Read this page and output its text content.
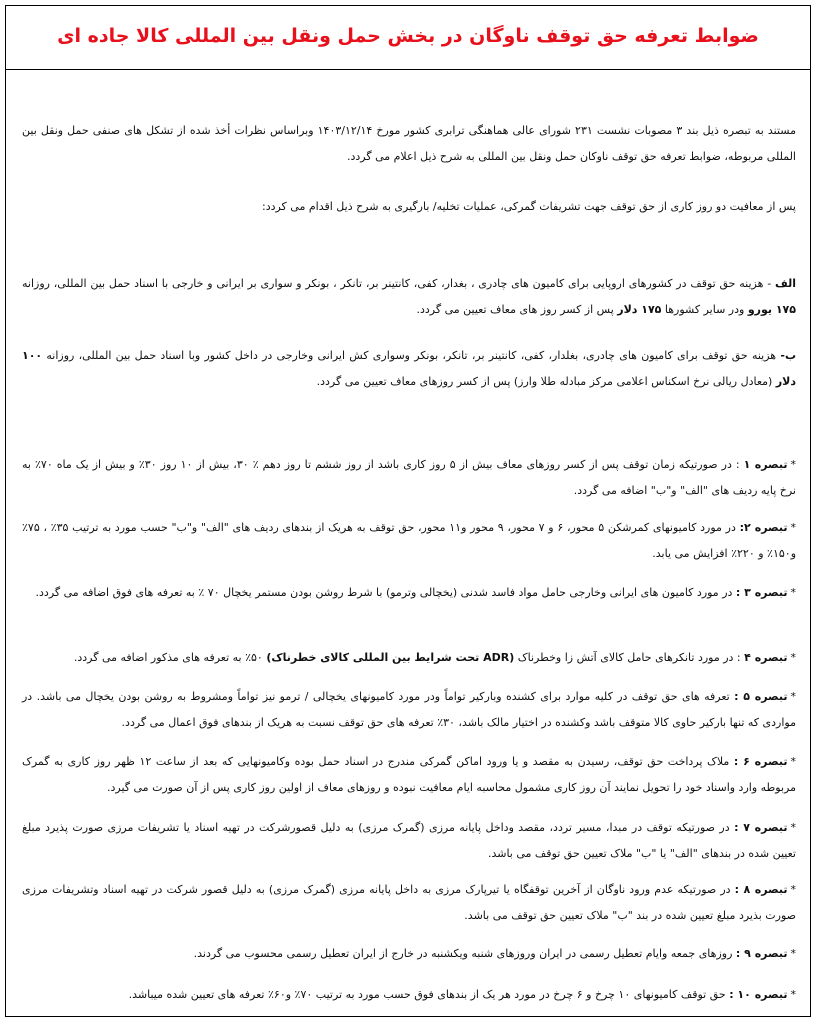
ضوابط تعرفه حق توقف ناوگان در بخش حمل ونقل بین المللی کالا جاده ای

مستند به تبصره ذیل بند ۳ مصوبات نشست ۲۳۱ شورای عالی هماهنگی ترابری کشور مورخ ۱۴۰۳/۱۲/۱۴ وبراساس نظرات أخذ شده از تشکل های صنفی حمل ونقل بین المللی مربوطه، ضوابط تعرفه حق توقف ناوکان حمل ونقل بین المللی به شرح ذیل اعلام می گردد.

پس از معافیت دو روز کاری از حق توقف جهت تشریفات گمرکی، عملیات تخلیه/ بارگیری به شرح ذیل اقدام می کردد:

الف - هزینه حق توقف در کشورهای اروپایی برای کامیون های چادری ، بغدار، کفی، کانتینر بر، تانکر ، بونکر و سواری بر ایرانی و خارجی با اسناد حمل بین المللی، روزانه ۱۷۵ یورو ودر سایر کشورها ۱۷۵ دلار پس از کسر روز های معاف تعیین می گردد.

ب- هزینه حق توقف برای کامیون های چادری، بغلدار، کفی، کانتینر بر، تانکر، بونکر وسواری کش ایرانی وخارجی در داخل کشور وبا اسناد حمل بین المللی، روزانه ۱۰۰ دلار (معادل ریالی نرخ اسکناس اعلامی مرکز مبادله طلا وارز) پس از کسر روزهای معاف تعیین می گردد.

*تبصره ۱ : در صورتیکه زمان توقف پس از کسر روزهای معاف بیش از ۵ روز کاری باشد از روز ششم تا روز دهم ٪ ۳۰، بیش از ۱۰ روز ۳۰٪ و بیش از یک ماه ۷۰٪ به نرخ پایه ردیف های "الف" و"ب" اضافه می گردد.

*تبصره ۲: در مورد کامیونهای کمرشکن ۵ محور، ۶ و ۷ محور، ۹ محور و۱۱ محور، حق توقف به هریک از بندهای ردیف های "الف" و"ب" حسب مورد به ترتیب ۳۵٪ ، ۷۵٪ و۱۵۰٪ و ۲۲۰٪ افزایش می یابد.

*تبصره ۳ : در مورد کامیون های ایرانی وخارجی حامل مواد فاسد شدنی (یخچالی وترمو) با شرط روشن بودن مستمر یخچال ۷۰ ٪ به تعرفه های فوق اضافه می گردد.

*تبصره ۴ : در مورد تانکرهای حامل کالای آتش زا وخطرناک (ADR تحت شرایط بین المللی کالای خطرناک) ۵۰٪ به تعرفه های مذکور اضافه می گردد.

*تبصره ۵ : تعرفه های حق توقف در کلیه موارد برای کشنده وبارکیر تواماً ودر مورد کامیونهای یخچالی / ترمو نیز تواماً ومشروط به روشن بودن یخچال می باشد. در مواردی که تنها بارکیر حاوی کالا متوقف باشد وکشنده در اختیار مالک باشد، ۳۰٪ تعرفه های حق توقف نسبت به هریک از بندهای فوق اعمال می گردد.

*تبصره ۶ : ملاک پرداخت حق توقف، رسیدن به مقصد و یا ورود اماکن گمرکی مندرج در اسناد حمل بوده وکامیونهایی که بعد از ساعت ۱۲ ظهر روز کاری به گمرک مربوطه وارد واسناد خود را تحویل نمایند آن روز کاری مشمول محاسبه ایام معافیت نبوده و روزهای معاف از اولین روز کاری پس از آن صورت می گیرد.

*تبصره ۷ : در صورتیکه توقف در مبدا، مسیر تردد، مقصد وداخل پایانه مرزی (گمرک مرزی) به دلیل قصورشرکت در تهیه اسناد یا تشریفات مرزی صورت پذیرد مبلغ تعیین شده در بندهای "الف" یا "ب" ملاک تعیین حق توقف می باشد.

*تبصره ۸ : در صورتیکه عدم ورود ناوگان از آخرین توقفگاه یا تیرپارک مرزی به داخل پایانه مرزی (گمرک مرزی) به دلیل قصور شرکت در تهیه اسناد وتشریفات مرزی صورت بذیرد مبلغ تعیین شده در بند "ب" ملاک تعیین حق توقف می باشد.

*تبصره ۹ : روزهای جمعه وایام تعطیل رسمی در ایران وروزهای شنبه ویکشنبه در خارج از ایران تعطیل رسمی محسوب می گردند.

*تبصره ۱۰ : حق توقف کامیونهای ۱۰ چرخ و ۶ چرخ در مورد هر یک از بندهای فوق حسب مورد به ترتیب ۷۰٪ و۶۰٪ تعرفه های تعیین شده میباشد.
